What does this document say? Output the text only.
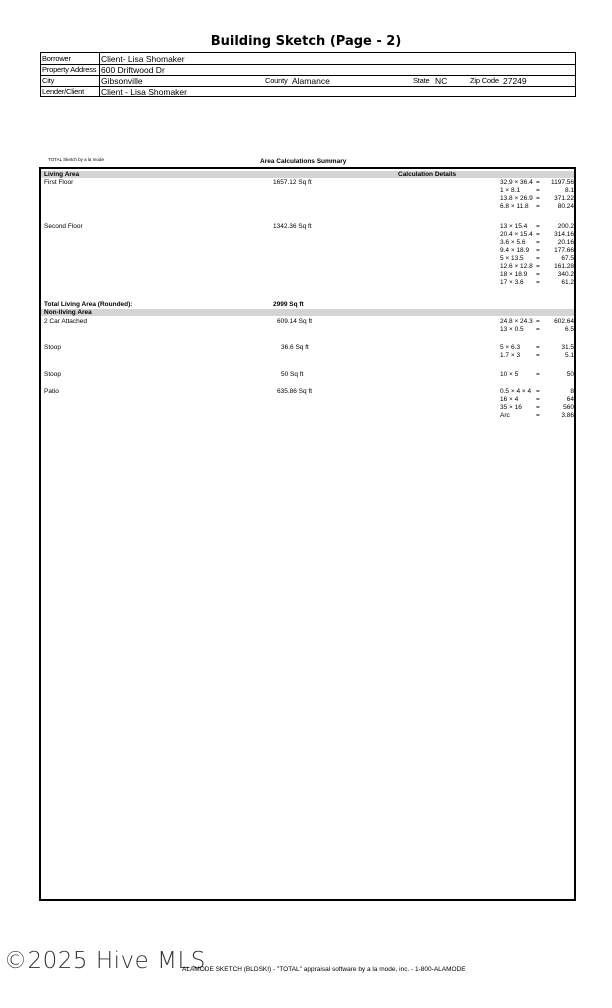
Building Sketch (Page - 2)
Borrower	Client- Lisa Shomaker
Property Address 600 Driftwood Dr
City	Gibsonville	County Alamance	State NC	Zip Code 27249
Lender/Client Client - Lisa Shomaker
TOTAL Sketch by a la mode	Area Calculations Summary
Living Area	Calculation Details
First Floor	1657.12 Sq ft	32.9 × 36.4 = 1197.56
1 × 8.1 =	8.1
13.8 × 26.9 = 371.22
6.8 × 11.8 =	80.24
Second Floor	1342.36 Sq ft	13 × 15.4 =	200.2
20.4 × 15.4 = 314.16
3.6 × 5.6 =	20.16
9.4 × 18.9 = 177.66
5 × 13.5 =	67.5
12.6 × 12.8 = 161.28
18 × 18.9 =	340.2
17 × 3.6 =	61.2
Total Living Area (Rounded):	2999 Sq ft
Non-living Area
2 Car Attached	609.14 Sq ft	24.8 × 24.3 = 602.64
13 × 0.5 =	6.5
Stoop	36.6 Sq ft	5 × 6.3 =	31.5
1.7 × 3 =	5.1
Stoop	50 Sq ft	10 × 5	=	50
Patio	635.86 Sq ft	0.5 × 4 × 4 =	8
16 × 4	=	64
35 × 16 =	560
Arc	=	3.86
©2025 Hive MLS
ALAMODE SKETCH (BLDSKI) - "TOTAL" appraisal software by a la mode, inc. - 1-800-ALAMODE
